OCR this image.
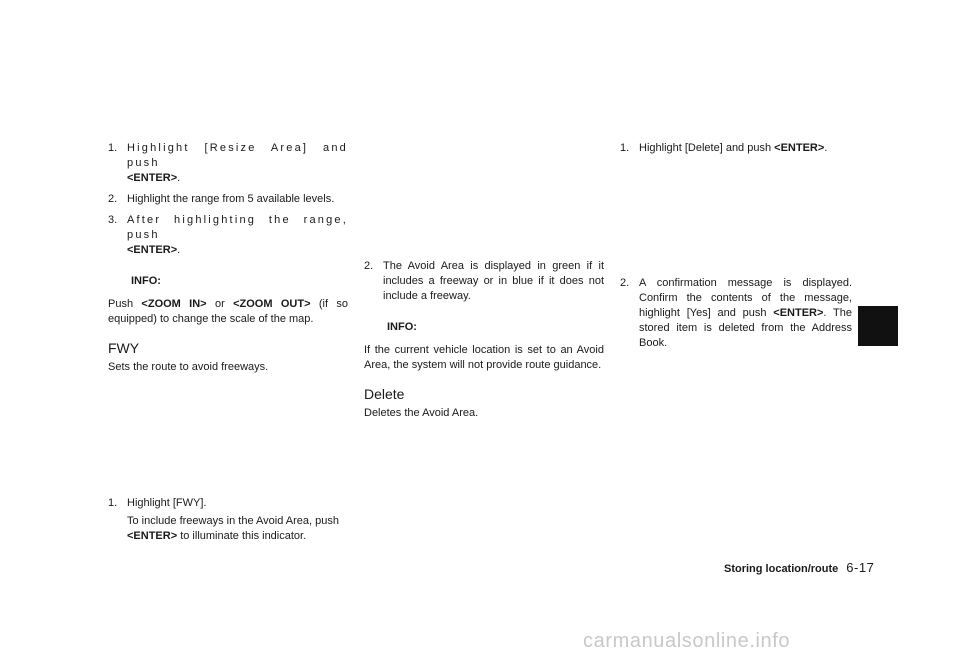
1. Highlight [Resize Area] and push
<ENTER>.
2. Highlight the range from 5 available levels.
3. After highlighting the range, push
<ENTER>.
INFO:

Push <ZOOM IN> or <ZOOM OUT> (if so equipped) to change the scale of the map.

FWY

Sets the route to avoid freeways.

1. Highlight [FWY].

To include freeways in the Avoid Area, push <ENTER> to illuminate this indicator.

2. The Avoid Area is displayed in green if it includes a freeway or in blue if it does not include a freeway.
INFO:

If the current vehicle location is set to an Avoid Area, the system will not provide route guidance.

Delete

Deletes the Avoid Area.

1. Highlight [Delete] and push <ENTER>.
2. A confirmation message is displayed. Confirm the contents of the message, highlight [Yes] and push <ENTER>. The stored item is deleted from the Address Book.
Storing location/route 6-17
carmanualsonline.info
